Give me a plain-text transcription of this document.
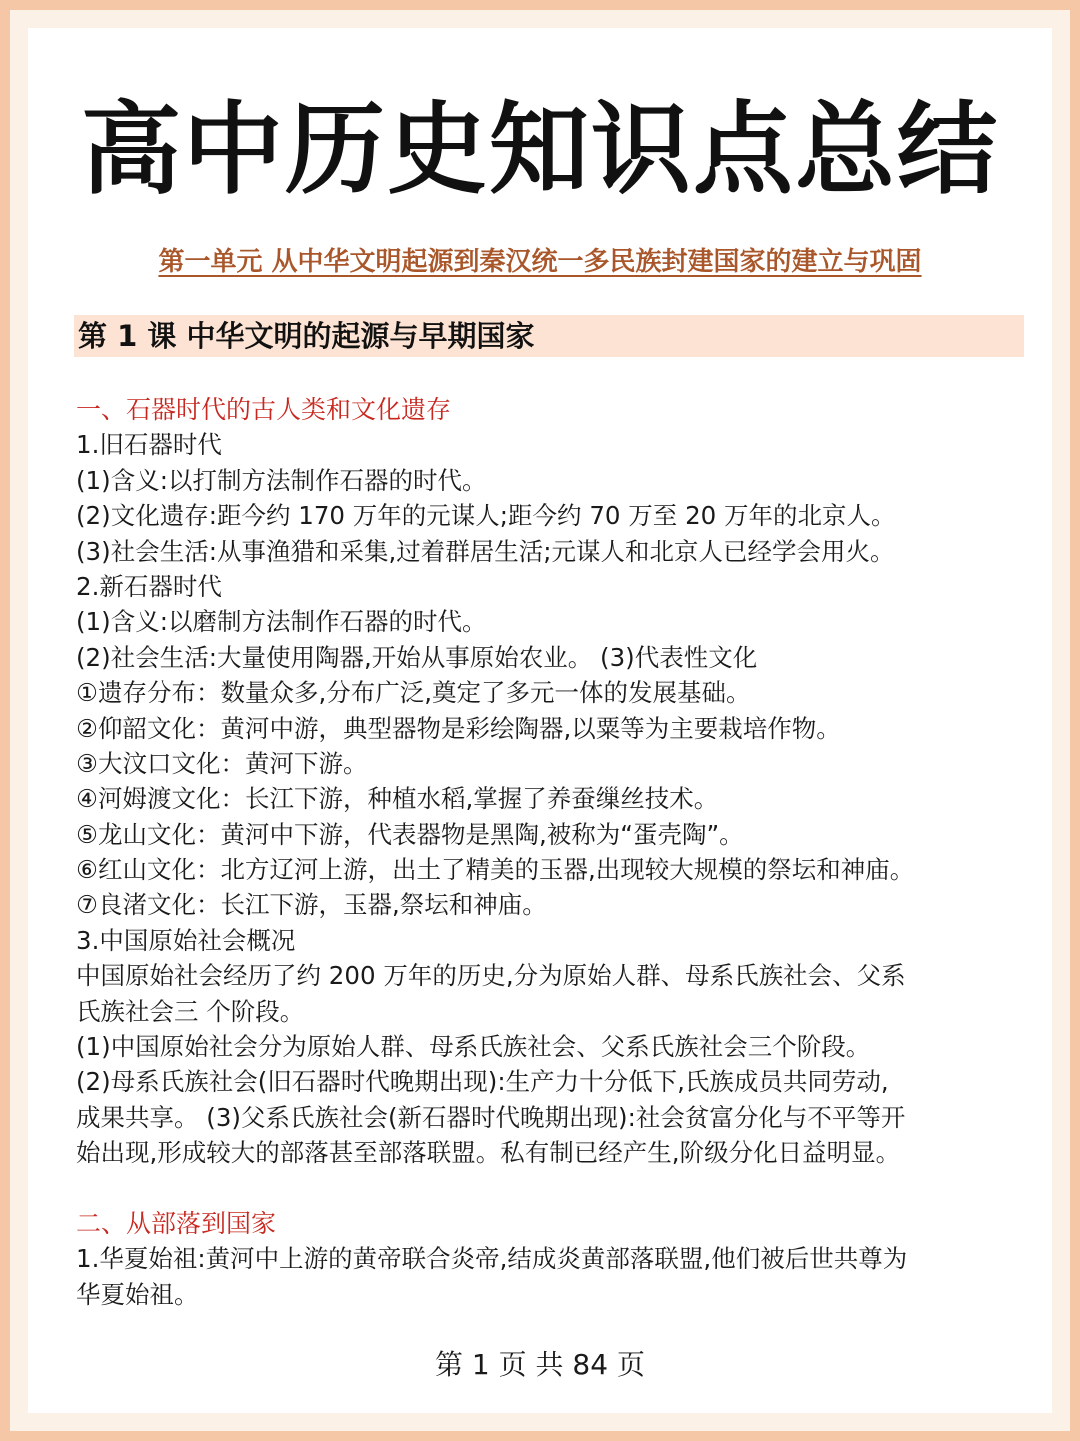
高中历史知识点总结
第一单元 从中华文明起源到秦汉统一多民族封建国家的建立与巩固
第 1 课 中华文明的起源与早期国家
一、石器时代的古人类和文化遗存
1.旧石器时代
(1)含义:以打制方法制作石器的时代。
(2)文化遗存:距今约 170 万年的元谋人;距今约 70 万至 20 万年的北京人。
(3)社会生活:从事渔猎和采集,过着群居生活;元谋人和北京人已经学会用火。
2.新石器时代
(1)含义:以磨制方法制作石器的时代。
(2)社会生活:大量使用陶器,开始从事原始农业。 (3)代表性文化
①遗存分布：数量众多,分布广泛,奠定了多元一体的发展基础。
②仰韶文化：黄河中游，典型器物是彩绘陶器,以粟等为主要栽培作物。
③大汶口文化：黄河下游。
④河姆渡文化：长江下游，种植水稻,掌握了养蚕缫丝技术。
⑤龙山文化：黄河中下游，代表器物是黑陶,被称为“蛋壳陶”。
⑥红山文化：北方辽河上游，出土了精美的玉器,出现较大规模的祭坛和神庙。
⑦良渚文化：长江下游，玉器,祭坛和神庙。
3.中国原始社会概况
中国原始社会经历了约 200 万年的历史,分为原始人群、母系氏族社会、父系
氏族社会三 个阶段。
(1)中国原始社会分为原始人群、母系氏族社会、父系氏族社会三个阶段。
(2)母系氏族社会(旧石器时代晚期出现):生产力十分低下,氏族成员共同劳动,
成果共享。 (3)父系氏族社会(新石器时代晚期出现):社会贫富分化与不平等开
始出现,形成较大的部落甚至部落联盟。私有制已经产生,阶级分化日益明显。
二、从部落到国家
1.华夏始祖:黄河中上游的黄帝联合炎帝,结成炎黄部落联盟,他们被后世共尊为
华夏始祖。
第 1 页 共 84 页
